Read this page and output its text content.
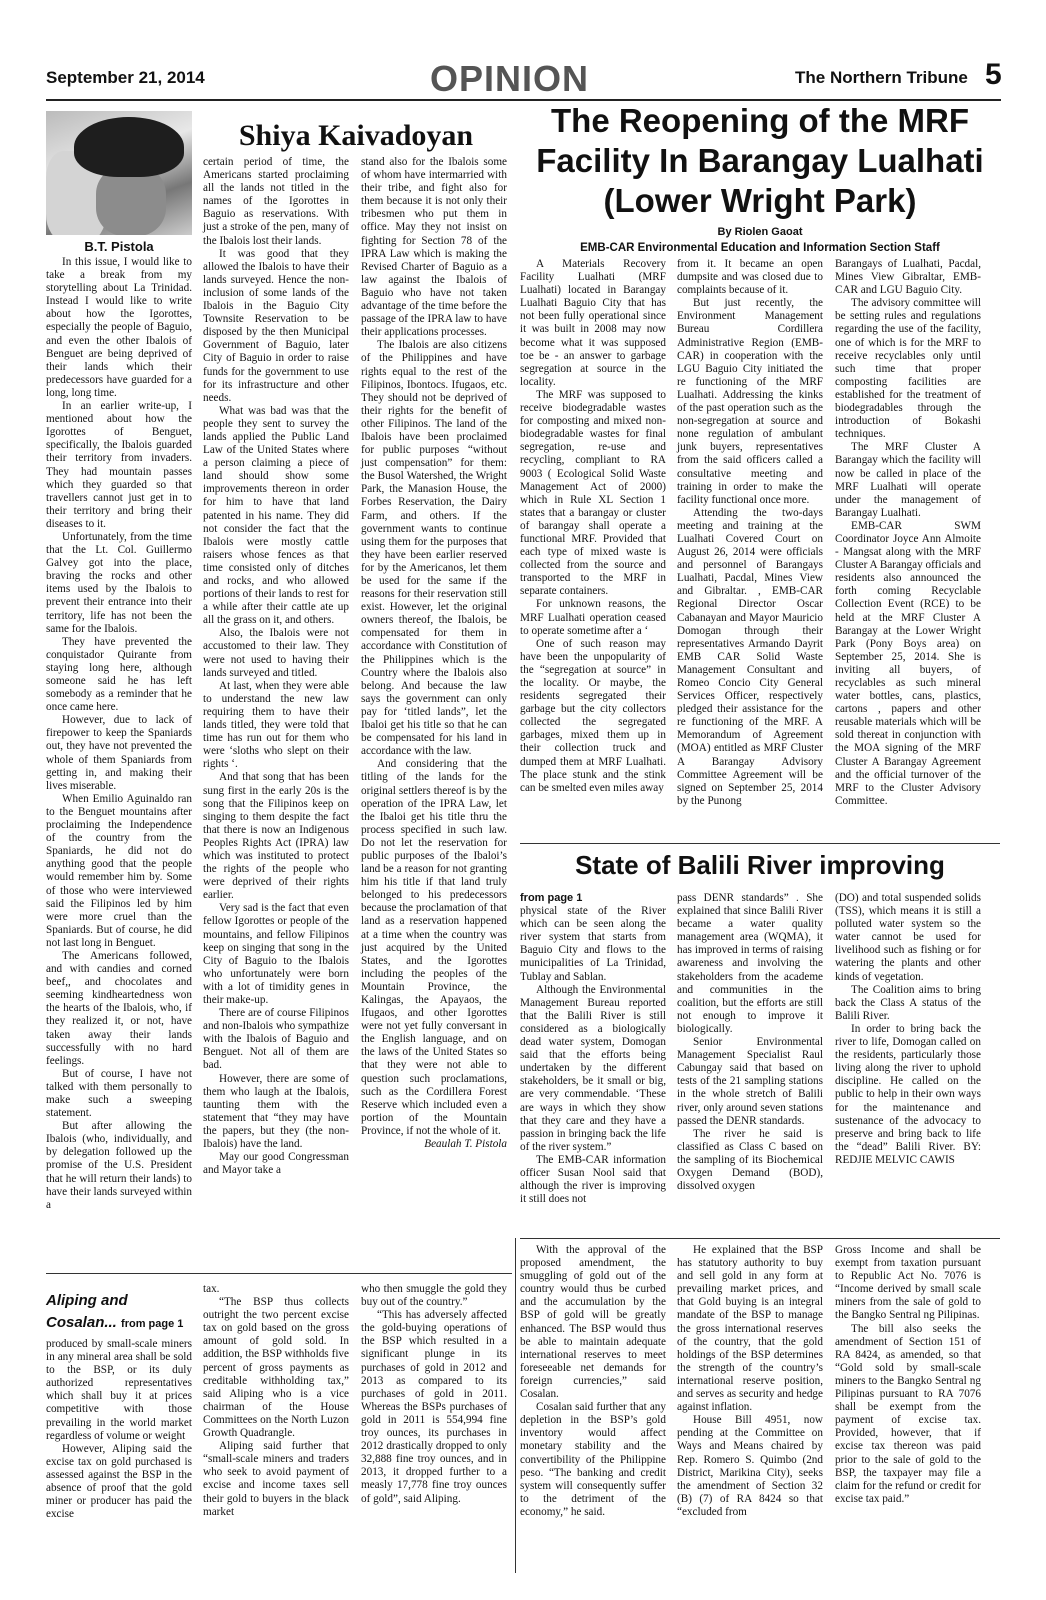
September 21, 2014	OPINION	The Northern Tribune 5
B.T. Pistola
Shiya Kaivadoyan

In this issue, I would like to take a break from my storytelling about La Trinidad. Instead I would like to write about how the Igorottes, especially the people of Baguio, and even the other Ibalois of Benguet are being deprived of their lands which their predecessors have guarded for a long, long time.

In an earlier write-up, I mentioned about how the Igorottes of Benguet, specifically, the Ibalois guarded their territory from invaders. They had mountain passes which they guarded so that travellers cannot just get in to their territory and bring their diseases to it.

Unfortunately, from the time that the Lt. Col. Guillermo Galvey got into the place, braving the rocks and other items used by the Ibalois to prevent their entrance into their territory, life has not been the same for the Ibalois.

They have prevented the conquistador Quirante from staying long here, although someone said he has left somebody as a reminder that he once came here.

However, due to lack of firepower to keep the Spaniards out, they have not prevented the whole of them Spaniards from getting in, and making their lives miserable.

When Emilio Aguinaldo ran to the Benguet mountains after proclaiming the Independence of the country from the Spaniards, he did not do anything good that the people would remember him by. Some of those who were interviewed said the Filipinos led by him were more cruel than the Spaniards. But of course, he did not last long in Benguet.

The Americans followed, and with candies and corned beef,, and chocolates and seeming kindheartedness won the hearts of the Ibalois, who, if they realized it, or not, have taken away their lands successfully with no hard feelings.

But of course, I have not talked with them personally to make such a sweeping statement.

But after allowing the Ibalois (who, individually, and by delegation followed up the promise of the U.S. President that he will return their lands) to have their lands surveyed within a

certain period of time, the Americans started proclaiming all the lands not titled in the names of the Igorottes in Baguio as reservations. With just a stroke of the pen, many of the Ibalois lost their lands.

It was good that they allowed the Ibalois to have their lands surveyed. Hence the non-inclusion of some lands of the Ibalois in the Baguio City Townsite Reservation to be disposed by the then Municipal Government of Baguio, later City of Baguio in order to raise funds for the government to use for its infrastructure and other needs.

What was bad was that the people they sent to survey the lands applied the Public Land Law of the United States where a person claiming a piece of land should show some improvements thereon in order for him to have that land patented in his name. They did not consider the fact that the Ibalois were mostly cattle raisers whose fences as that time consisted only of ditches and rocks, and who allowed portions of their lands to rest for a while after their cattle ate up all the grass on it, and others.

Also, the Ibalois were not accustomed to their law. They were not used to having their lands surveyed and titled.

At last, when they were able to understand the new law requiring them to have their lands titled, they were told that time has run out for them who were ‘sloths who slept on their rights ‘.

And that song that has been sung first in the early 20s is the song that the Filipinos keep on singing to them despite the fact that there is now an Indigenous Peoples Rights Act (IPRA) law which was instituted to protect the rights of the people who were deprived of their rights earlier.

Very sad is the fact that even fellow Igorottes or people of the mountains, and fellow Filipinos keep on singing that song in the City of Baguio to the Ibalois who unfortunately were born with a lot of timidity genes in their make-up.

There are of course Filipinos and non-Ibalois who sympathize with the Ibalois of Baguio and Benguet. Not all of them are bad.

However, there are some of them who laugh at the Ibalois, taunting them with the statement that “they may have the papers, but they (the non-Ibalois) have the land.

May our good Congressman and Mayor take a

stand also for the Ibalois some of whom have intermarried with their tribe, and fight also for them because it is not only their tribesmen who put them in office. May they not insist on fighting for Section 78 of the IPRA Law which is making the Revised Charter of Baguio as a law against the Ibalois of Baguio who have not taken advantage of the time before the passage of the IPRA law to have their applications processes.

The Ibalois are also citizens of the Philippines and have rights equal to the rest of the Filipinos, Ibontocs. Ifugaos, etc. They should not be deprived of their rights for the benefit of other Filipinos. The land of the Ibalois have been proclaimed for public purposes “without just compensation” for them: the Busol Watershed, the Wright Park, the Manasion House, the Forbes Reservation, the Dairy Farm, and others. If the government wants to continue using them for the purposes that they have been earlier reserved for by the Americanos, let them be used for the same if the reasons for their reservation still exist. However, let the original owners thereof, the Ibalois, be compensated for them in accordance with Constitution of the Philippines which is the Country where the Ibalois also belong. And because the law says the government can only pay for ‘titled lands”, let the Ibaloi get his title so that he can be compensated for his land in accordance with the law.

And considering that the titling of the lands for the original settlers thereof is by the operation of the IPRA Law, let the Ibaloi get his title thru the process specified in such law. Do not let the reservation for public purposes of the Ibaloi’s land be a reason for not granting him his title if that land truly belonged to his predecessors because the proclamation of that land as a reservation happened at a time when the country was just acquired by the United States, and the Igorottes including the peoples of the Mountain Province, the Kalingas, the Apayaos, the Ifugaos, and other Igorottes were not yet fully conversant in the English language, and on the laws of the United States so that they were not able to question such proclamations, such as the Cordillera Forest Reserve which included even a portion of the Mountain Province, if not the whole of it.

Beaulah T. Pistola

The Reopening of the MRF Facility In Barangay Lualhati (Lower Wright Park)
By Riolen Gaoat
EMB-CAR Environmental Education and Information Section Staff

A Materials Recovery Facility Lualhati (MRF Lualhati) located in Barangay Lualhati Baguio City that has not been fully operational since it was built in 2008 may now become what it was supposed toe be - an answer to garbage segregation at source in the locality.

The MRF was supposed to receive biodegradable wastes for composting and mixed non-biodegradable wastes for final segregation, re-use and recycling, compliant to RA 9003 ( Ecological Solid Waste Management Act of 2000) which in Rule XL Section 1 states that a barangay or cluster of barangay shall operate a functional MRF. Provided that each type of mixed waste is collected from the source and transported to the MRF in separate containers.

For unknown reasons, the MRF Lualhati operation ceased to operate sometime after a ‘

One of such reason may have been the unpopularity of the “segregation at source” in the locality. Or maybe, the residents segregated their garbage but the city collectors collected the segregated garbages, mixed them up in their collection truck and dumped them at MRF Lualhati. The place stunk and the stink can be smelted even miles away

from it. It became an open dumpsite and was closed due to complaints because of it.

But just recently, the Environment Management Bureau Cordillera Administrative Region (EMB-CAR) in cooperation with the LGU Baguio City initiated the re functioning of the MRF Lualhati. Addressing the kinks of the past operation such as the non-segregation at source and none regulation of ambulant junk buyers, representatives from the said officers called a consultative meeting and training in order to make the facility functional once more.

Attending the two-days meeting and training at the Lualhati Covered Court on August 26, 2014 were officials and personnel of Barangays Lualhati, Pacdal, Mines View and Gibraltar. , EMB-CAR Regional Director Oscar Cabanayan and Mayor Mauricio Domogan through their representatives Armando Dayrit EMB CAR Solid Waste Management Consultant and Romeo Concio City General Services Officer, respectively pledged their assistance for the re functioning of the MRF. A Memorandum of Agreement (MOA) entitled as MRF Cluster A Barangay Advisory Committee Agreement will be signed on September 25, 2014 by the Punong

Barangays of Lualhati, Pacdal, Mines View Gibraltar, EMB-CAR and LGU Baguio City.

The advisory committee will be setting rules and regulations regarding the use of the facility, one of which is for the MRF to receive recyclables only until such time that proper composting facilities are established for the treatment of biodegradables through the introduction of Bokashi techniques.

The MRF Cluster A Barangay which the facility will now be called in place of the MRF Lualhati will operate under the management of Barangay Lualhati.

EMB-CAR SWM Coordinator Joyce Ann Almoite - Mangsat along with the MRF Cluster A Barangay officials and residents also announced the forth coming Recyclable Collection Event (RCE) to be held at the MRF Cluster A Barangay at the Lower Wright Park (Pony Boys area) on September 25, 2014. She is inviting all buyers, of recyclables as such mineral water bottles, cans, plastics, cartons , papers and other reusable materials which will be sold thereat in conjunction with the MOA signing of the MRF Cluster A Barangay Agreement and the official turnover of the MRF to the Cluster Advisory Committee.

State of Balili River improving

from page 1

physical state of the River which can be seen along the river system that starts from Baguio City and flows to the municipalities of La Trinidad, Tublay and Sablan.

Although the Environmental Management Bureau reported that the Balili River is still considered as a biologically dead water system, Domogan said that the efforts being undertaken by the different stakeholders, be it small or big, are very commendable. ‘These are ways in which they show that they care and they have a passion in bringing back the life of the river system.”

The EMB-CAR information officer Susan Nool said that although the river is improving it still does not

pass DENR standards” . She explained that since Balili River became a water quality management area (WQMA), it has improved in terms of raising awareness and involving the stakeholders from the academe and communities in the coalition, but the efforts are still not enough to improve it biologically.

Senior Environmental Management Specialist Raul Cabungay said that based on tests of the 21 sampling stations in the whole stretch of Balili river, only around seven stations passed the DENR standards.

The river he said is classified as Class C based on the sampling of its Biochemical Oxygen Demand (BOD), dissolved oxygen

(DO) and total suspended solids (TSS), which means it is still a polluted water system so the water cannot be used for livelihood such as fishing or for watering the plants and other kinds of vegetation.

The Coalition aims to bring back the Class A status of the Balili River.

In order to bring back the river to life, Domogan called on the residents, particularly those living along the river to uphold discipline. He called on the public to help in their own ways for the maintenance and sustenance of the advocacy to preserve and bring back to life the “dead” Balili River. BY: REDJIE MELVIC CAWIS

Aliping and
Cosalan... from page 1

produced by small-scale miners in any mineral area shall be sold to the BSP, or its duly authorized representatives which shall buy it at prices competitive with those prevailing in the world market regardless of volume or weight

However, Aliping said the excise tax on gold purchased is assessed against the BSP in the absence of proof that the gold miner or producer has paid the excise

tax.

“The BSP thus collects outright the two percent excise tax on gold based on the gross amount of gold sold. In addition, the BSP withholds five percent of gross payments as creditable withholding tax,” said Aliping who is a vice chairman of the House Committees on the North Luzon Growth Quadrangle.

Aliping said further that “small-scale miners and traders who seek to avoid payment of excise and income taxes sell their gold to buyers in the black market

who then smuggle the gold they buy out of the country.”

“This has adversely affected the gold-buying operations of the BSP which resulted in a significant plunge in its purchases of gold in 2012 and 2013 as compared to its purchases of gold in 2011. Whereas the BSPs purchases of gold in 2011 is 554,994 fine troy ounces, its purchases in 2012 drastically dropped to only 32,888 fine troy ounces, and in 2013, it dropped further to a measly 17,778 fine troy ounces of gold”, said Aliping.

With the approval of the proposed amendment, the smuggling of gold out of the country would thus be curbed and the accumulation by the BSP of gold will be greatly enhanced. The BSP would thus be able to maintain adequate international reserves to meet foreseeable net demands for foreign currencies,” said Cosalan.

Cosalan said further that any depletion in the BSP’s gold inventory would affect monetary stability and the convertibility of the Philippine peso. “The banking and credit system will consequently suffer to the detriment of the economy,” he said.

He explained that the BSP has statutory authority to buy and sell gold in any form at prevailing market prices, and that Gold buying is an integral mandate of the BSP to manage the gross international reserves of the country, that the gold holdings of the BSP determines the strength of the country’s international reserve position, and serves as security and hedge against inflation.

House Bill 4951, now pending at the Committee on Ways and Means chaired by Rep. Romero S. Quimbo (2nd District, Marikina City), seeks the amendment of Section 32 (B) (7) of RA 8424 so that “excluded from

Gross Income and shall be exempt from taxation pursuant to Republic Act No. 7076 is “Income derived by small scale miners from the sale of gold to the Bangko Sentral ng Pilipinas.

The bill also seeks the amendment of Section 151 of RA 8424, as amended, so that “Gold sold by small-scale miners to the Bangko Sentral ng Pilipinas pursuant to RA 7076 shall be exempt from the payment of excise tax. Provided, however, that if excise tax thereon was paid prior to the sale of gold to the BSP, the taxpayer may file a claim for the refund or credit for excise tax paid.”
